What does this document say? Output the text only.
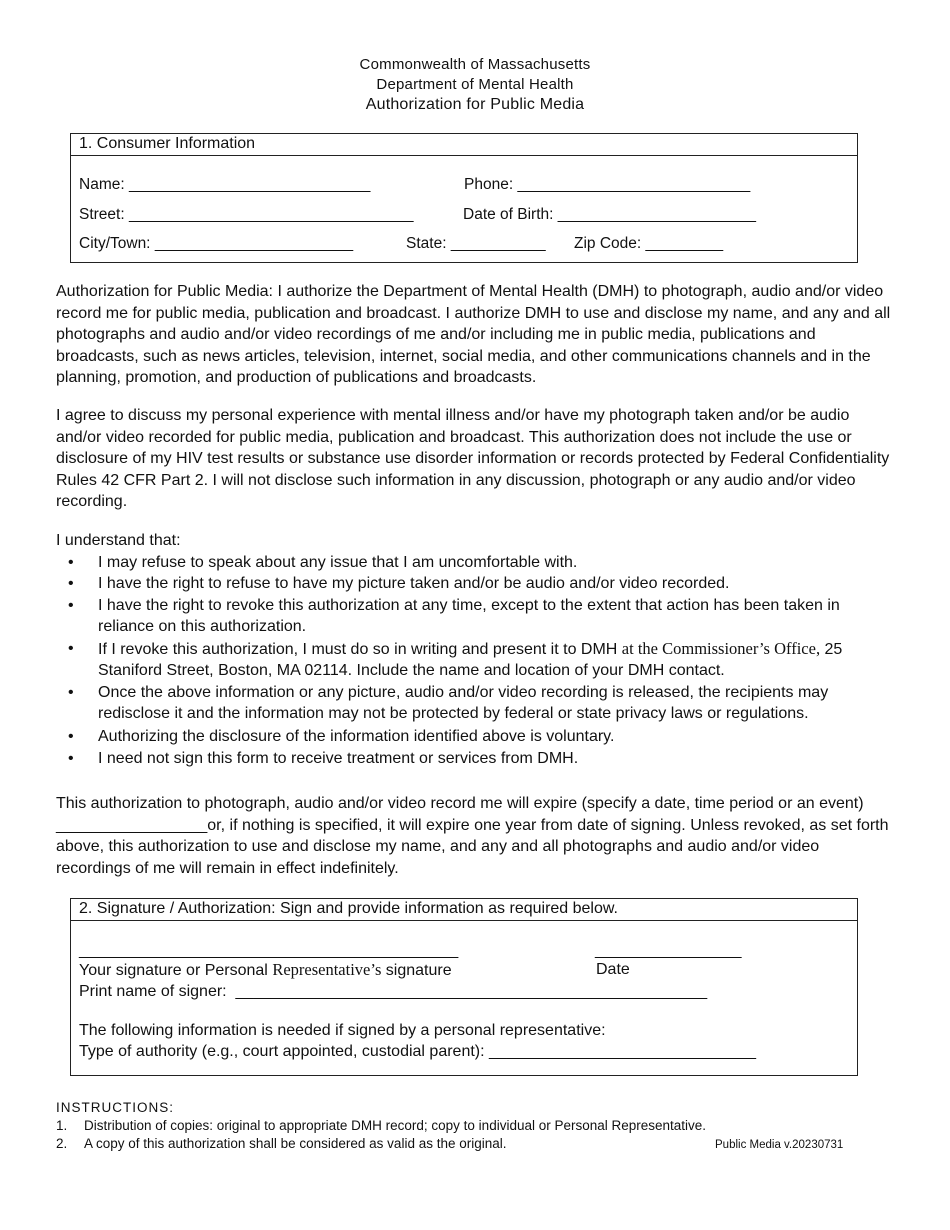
Commonwealth of Massachusetts
Department of Mental Health
Authorization for Public Media
1. Consumer Information
Name: ____________________________	Phone: ___________________________
Street: _________________________________	Date of Birth: _______________________
City/Town: _______________________	State: ___________ Zip Code: _________

Authorization for Public Media: I authorize the Department of Mental Health (DMH) to photograph, audio and/or video record me for public media, publication and broadcast. I authorize DMH to use and disclose my name, and any and all photographs and audio and/or video recordings of me and/or including me in public media, publications and broadcasts, such as news articles, television, internet, social media, and other communications channels and in the planning, promotion, and production of publications and broadcasts.

I agree to discuss my personal experience with mental illness and/or have my photograph taken and/or be audio and/or video recorded for public media, publication and broadcast. This authorization does not include the use or disclosure of my HIV test results or substance use disorder information or records protected by Federal Confidentiality Rules 42 CFR Part 2. I will not disclose such information in any discussion, photograph or any audio and/or video recording.

I understand that:

• I may refuse to speak about any issue that I am uncomfortable with.
• I have the right to refuse to have my picture taken and/or be audio and/or video recorded.
• I have the right to revoke this authorization at any time, except to the extent that action has been taken in reliance on this authorization.
• If I revoke this authorization, I must do so in writing and present it to DMH at the Commissioner’s Office, 25 Staniford Street, Boston, MA 02114. Include the name and location of your DMH contact.
• Once the above information or any picture, audio and/or video recording is released, the recipients may redisclose it and the information may not be protected by federal or state privacy laws or regulations.
• Authorizing the disclosure of the information identified above is voluntary.
• I need not sign this form to receive treatment or services from DMH.

This authorization to photograph, audio and/or video record me will expire (specify a date, time period or an event) _________________or, if nothing is specified, it will expire one year from date of signing. Unless revoked, as set forth above, this authorization to use and disclose my name, and any and all photographs and audio and/or video recordings of me will remain in effect indefinitely.

2. Signature / Authorization: Sign and provide information as required below.
____________________________________________	_________________
Your signature or Personal Representative’s signature	Date
Print name of signer:  _____________________________________________________
The following information is needed if signed by a personal representative:
Type of authority (e.g., court appointed, custodial parent): ______________________________
INSTRUCTIONS:
1. Distribution of copies: original to appropriate DMH record; copy to individual or Personal Representative.
2. A copy of this authorization shall be considered as valid as the original.	Public Media v.20230731
